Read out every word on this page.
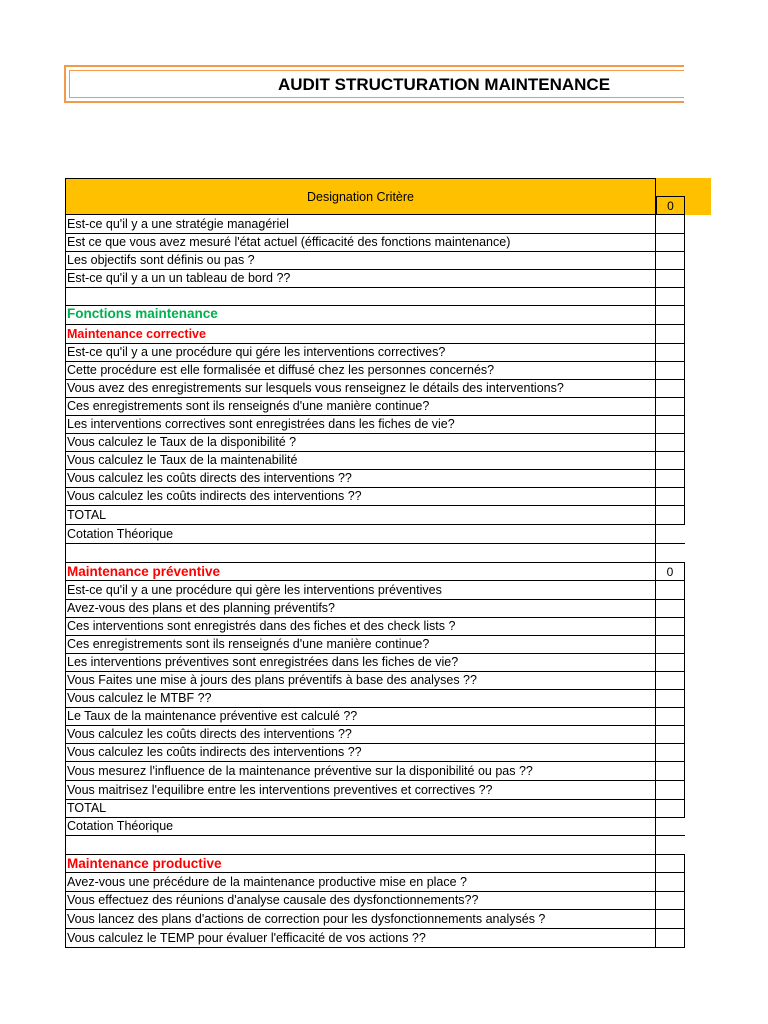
AUDIT STRUCTURATION MAINTENANCE
Designation Critère
0
Est-ce qu'il y a une stratégie managériel
Est ce que vous avez mesuré l'état actuel (éfficacité des fonctions maintenance)
Les objectifs sont définis ou pas ?
Est-ce qu'il y a un un tableau de bord ??
Fonctions maintenance
Maintenance corrective
Est-ce qu'il y a une procédure qui gére les interventions correctives?
Cette procédure est elle formalisée et diffusé chez les personnes concernés?
Vous avez des enregistrements sur lesquels vous renseignez le détails des interventions?
Ces enregistrements sont ils renseignés d'une manière continue?
Les interventions correctives sont enregistrées dans les fiches de vie?
Vous calculez le Taux de la disponibilité ?
Vous calculez le Taux de la maintenabilité
Vous calculez les coûts directs des interventions ??
Vous calculez les coûts indirects des interventions ??
TOTAL
Cotation Théorique
Maintenance préventive	0
Est-ce qu'il y a une procédure qui gère les interventions préventives
Avez-vous des plans et des planning préventifs?
Ces interventions sont enregistrés dans des fiches et des check lists ?
Ces enregistrements sont ils renseignés d'une manière continue?
Les interventions préventives sont enregistrées dans les fiches de vie?
Vous Faites une mise à jours des plans préventifs à base des analyses ??
Vous calculez le MTBF ??
Le Taux de la maintenance préventive est calculé ??
Vous calculez les coûts directs des interventions ??
Vous calculez les coûts indirects des interventions ??
Vous mesurez l'influence de la maintenance préventive sur la disponibilité ou pas ??
Vous maitrisez l'equilibre entre les interventions preventives et correctives ??
TOTAL
Cotation Théorique
Maintenance productive
Avez-vous une précédure de la maintenance productive mise en place ?
Vous effectuez des réunions d'analyse causale des dysfonctionnements??
Vous lancez des plans d'actions de correction pour les dysfonctionnements analysés ?
Vous calculez le TEMP pour évaluer l'efficacité de vos actions ??
